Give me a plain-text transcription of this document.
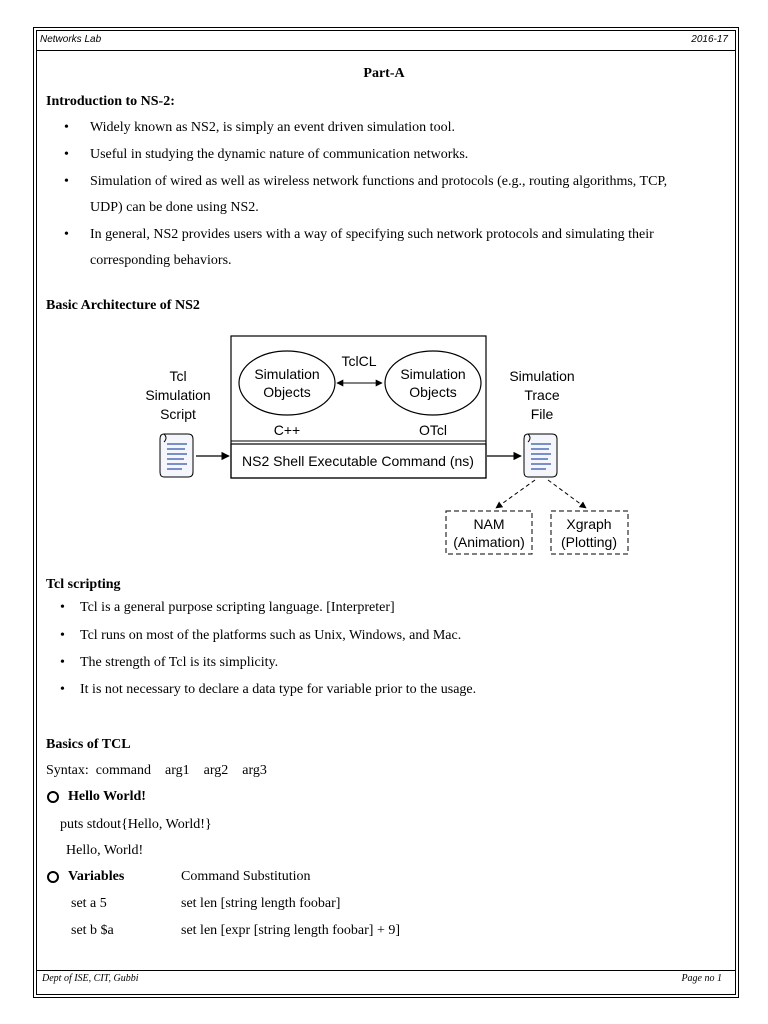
Networks Lab	2016-17
Part-A
Introduction to NS-2:
• Widely known as NS2, is simply an event driven simulation tool.
• Useful in studying the dynamic nature of communication networks.
• Simulation of wired as well as wireless network functions and protocols (e.g., routing algorithms, TCP,
UDP) can be done using NS2.
• In general, NS2 provides users with a way of specifying such network protocols and simulating their
corresponding behaviors.
Basic Architecture of NS2
Simulation
Objects
Simulation
Objects
TclCL
C++	OTcl
NS2 Shell Executable Command (ns)
Tcl
Simulation
Script
Simulation
Trace
File
NAM
(Animation)
Xgraph
(Plotting)
Tcl scripting
• Tcl is a general purpose scripting language. [Interpreter]
• Tcl runs on most of the platforms such as Unix, Windows, and Mac.
• The strength of Tcl is its simplicity.
• It is not necessary to declare a data type for variable prior to the usage.
Basics of TCL
Syntax:  command    arg1    arg2    arg3
Hello World!
puts stdout{Hello, World!}
Hello, World!
Variables	Command Substitution
set a 5	set len [string length foobar]
set b $a	set len [expr [string length foobar] + 9]
Dept of ISE, CIT, Gubbi	Page no 1
